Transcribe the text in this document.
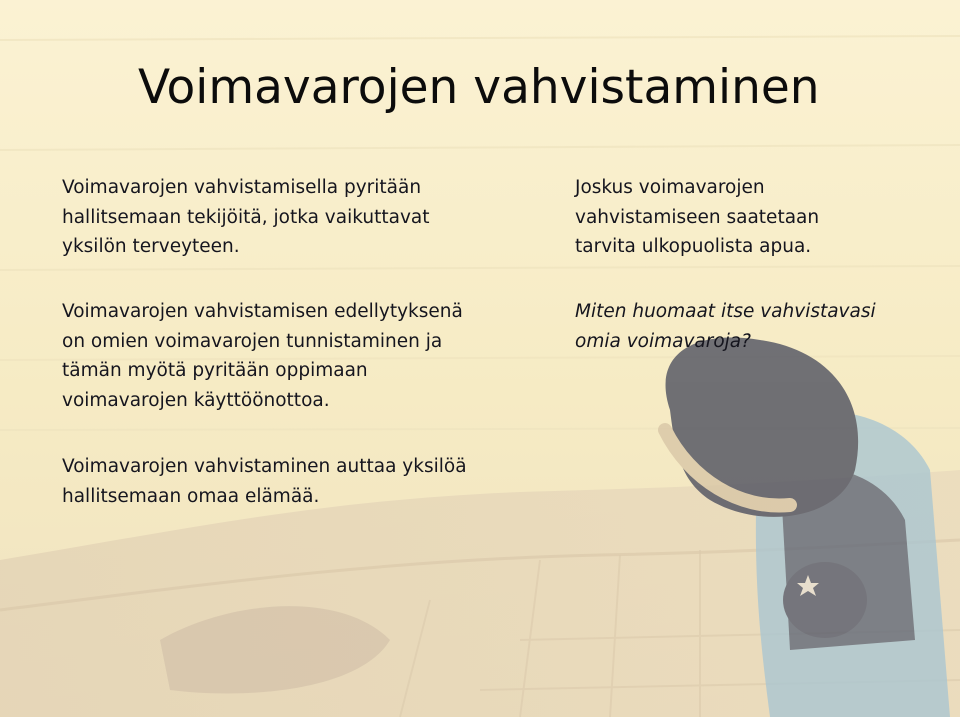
Voimavarojen vahvistaminen
Voimavarojen vahvistamisella pyritään
hallitsemaan tekijöitä, jotka vaikuttavat
yksilön terveyteen.
Voimavarojen vahvistamisen edellytyksenä
on omien voimavarojen tunnistaminen ja
tämän myötä pyritään oppimaan
voimavarojen käyttöönottoa.
Voimavarojen vahvistaminen auttaa yksilöä
hallitsemaan omaa elämää.
Joskus voimavarojen
vahvistamiseen saatetaan
tarvita ulkopuolista apua.
Miten huomaat itse vahvistavasi
omia voimavaroja?
